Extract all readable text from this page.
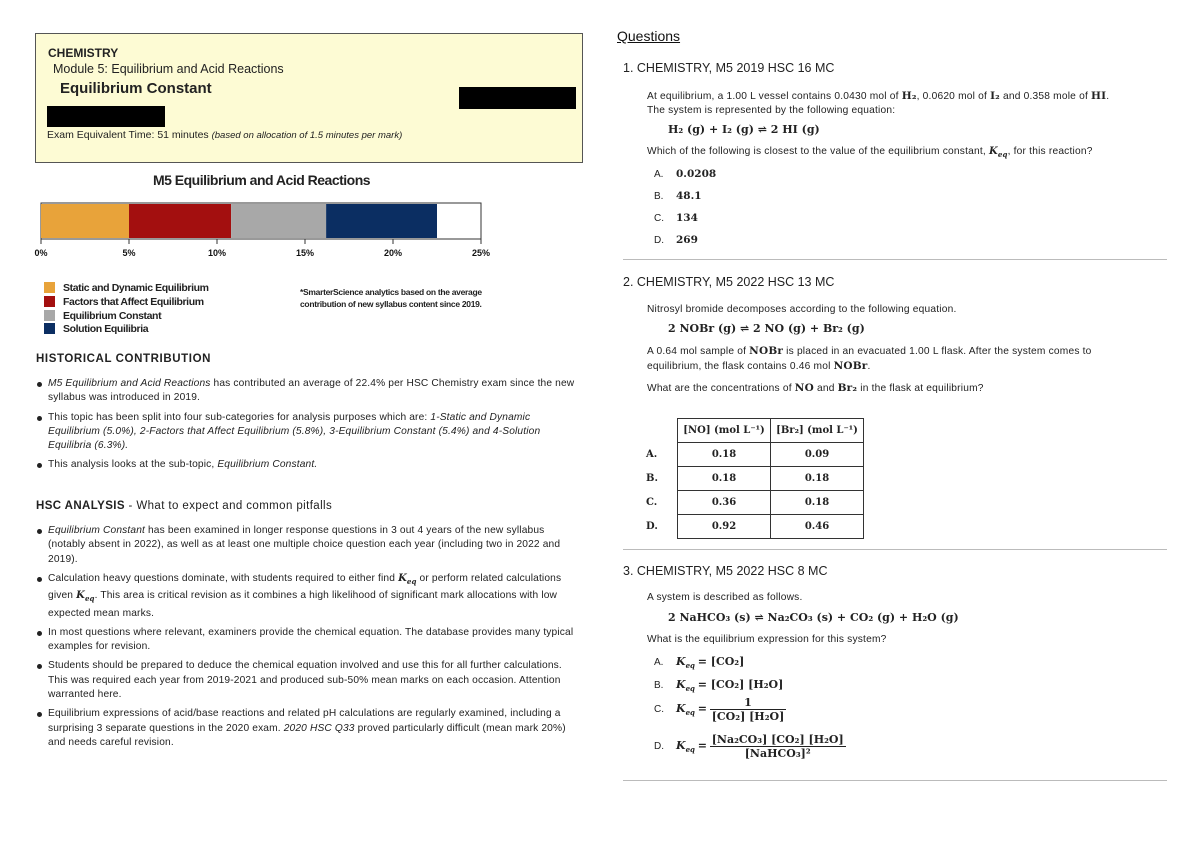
CHEMISTRY
Module 5: Equilibrium and Acid Reactions
Equilibrium Constant
Exam Equivalent Time: 51 minutes (based on allocation of 1.5 minutes per mark)
M5 Equilibrium and Acid Reactions
0%	5%	10%	15%	20%	25%
Static and Dynamic Equilibrium
Factors that Affect Equilibrium
Equilibrium Constant
Solution Equilibria
*SmarterScience analytics based on the average contribution of new syllabus content since 2019.
HISTORICAL CONTRIBUTION
M5 Equilibrium and Acid Reactions has contributed an average of 22.4% per HSC Chemistry exam since the new syllabus was introduced in 2019.
This topic has been split into four sub-categories for analysis purposes which are: 1-Static and Dynamic Equilibrium (5.0%), 2-Factors that Affect Equilibrium (5.8%), 3-Equilibrium Constant (5.4%) and 4-Solution Equilibria (6.3%).
This analysis looks at the sub-topic, Equilibrium Constant.
HSC ANALYSIS - What to expect and common pitfalls
Equilibrium Constant has been examined in longer response questions in 3 out 4 years of the new syllabus (notably absent in 2022), as well as at least one multiple choice question each year (including two in 2022 and 2019).
Calculation heavy questions dominate, with students required to either find $K_{eq}$ or perform related calculations given $K_{eq}$. This area is critical revision as it combines a high likelihood of significant mark allocations with low expected mean marks.
In most questions where relevant, examiners provide the chemical equation. The database provides many typical examples for revision.
Students should be prepared to deduce the chemical equation involved and use this for all further calculations. This was required each year from 2019-2021 and produced sub-50% mean marks on each occasion. Attention warranted here.
Equilibrium expressions of acid/base reactions and related pH calculations are regularly examined, including a surprising 3 separate questions in the 2020 exam. 2020 HSC Q33 proved particularly difficult (mean mark 20%) and needs careful revision.
Questions
1. CHEMISTRY, M5 2019 HSC 16 MC
At equilibrium, a 1.00 L vessel contains 0.0430 mol of H₂, 0.0620 mol of I₂ and 0.358 mole of HI.
The system is represented by the following equation:
H₂ (g) + I₂ (g) ⇌ 2 HI (g)
Which of the following is closest to the value of the equilibrium constant, $K_{eq}$, for this reaction?
A. 0.0208
B. 48.1
C. 134
D. 269
2. CHEMISTRY, M5 2022 HSC 13 MC
Nitrosyl bromide decomposes according to the following equation.
2 NOBr (g) ⇌ 2 NO (g) + Br₂ (g)
A 0.64 mol sample of NOBr is placed in an evacuated 1.00 L flask. After the system comes to
equilibrium, the flask contains 0.46 mol NOBr.
What are the concentrations of NO and Br₂ in the flask at equilibrium?
	[NO] (mol L⁻¹)	[Br₂] (mol L⁻¹)
A.	0.18	0.09
B.	0.18	0.18
C.	0.36	0.18
D.	0.92	0.46
3. CHEMISTRY, M5 2022 HSC 8 MC
A system is described as follows.
2 NaHCO₃ (s) ⇌ Na₂CO₃ (s) + CO₂ (g) + H₂O (g)
What is the equilibrium expression for this system?
A. $K_{eq} = [CO_2]$
B. $K_{eq} = [CO_2]$ [H₂O]
C. $K_{eq} = \frac{1}{\text{[CO₂] [H₂O]}}$
D. $K_{eq} = \frac{\text{[Na₂CO₃] [CO₂] [H₂O]}}{\text{[NaHCO₃]²}}$
